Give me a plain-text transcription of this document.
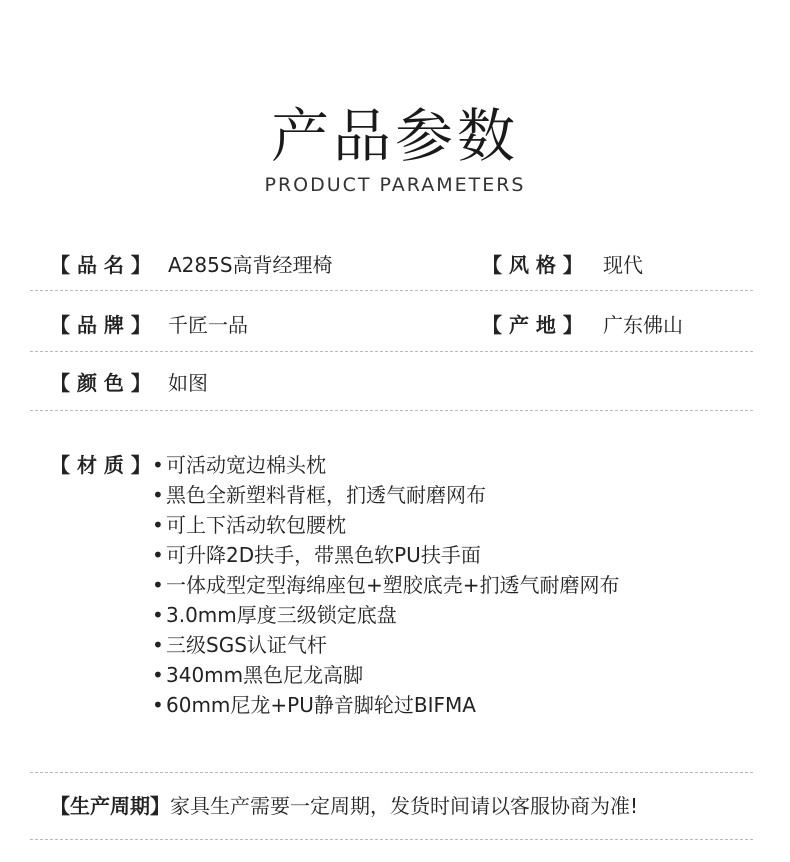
产品参数
PRODUCT PARAMETERS
【 品 名 】 A285S高背经理椅	【 风 格 】 现代
【 品 牌 】 千匠一品	【 产 地 】 广东佛山
【 颜 色 】 如图
【 材 质 】 • 可活动宽边棉头枕
• 黑色全新塑料背框，扪透气耐磨网布
• 可上下活动软包腰枕
• 可升降2D扶手，带黑色软PU扶手面
• 一体成型定型海绵座包+塑胶底壳+扪透气耐磨网布
• 3.0mm厚度三级锁定底盘
• 三级SGS认证气杆
• 340mm黑色尼龙高脚
• 60mm尼龙+PU静音脚轮过BIFMA
【生产周期】家具生产需要一定周期，发货时间请以客服协商为准!
